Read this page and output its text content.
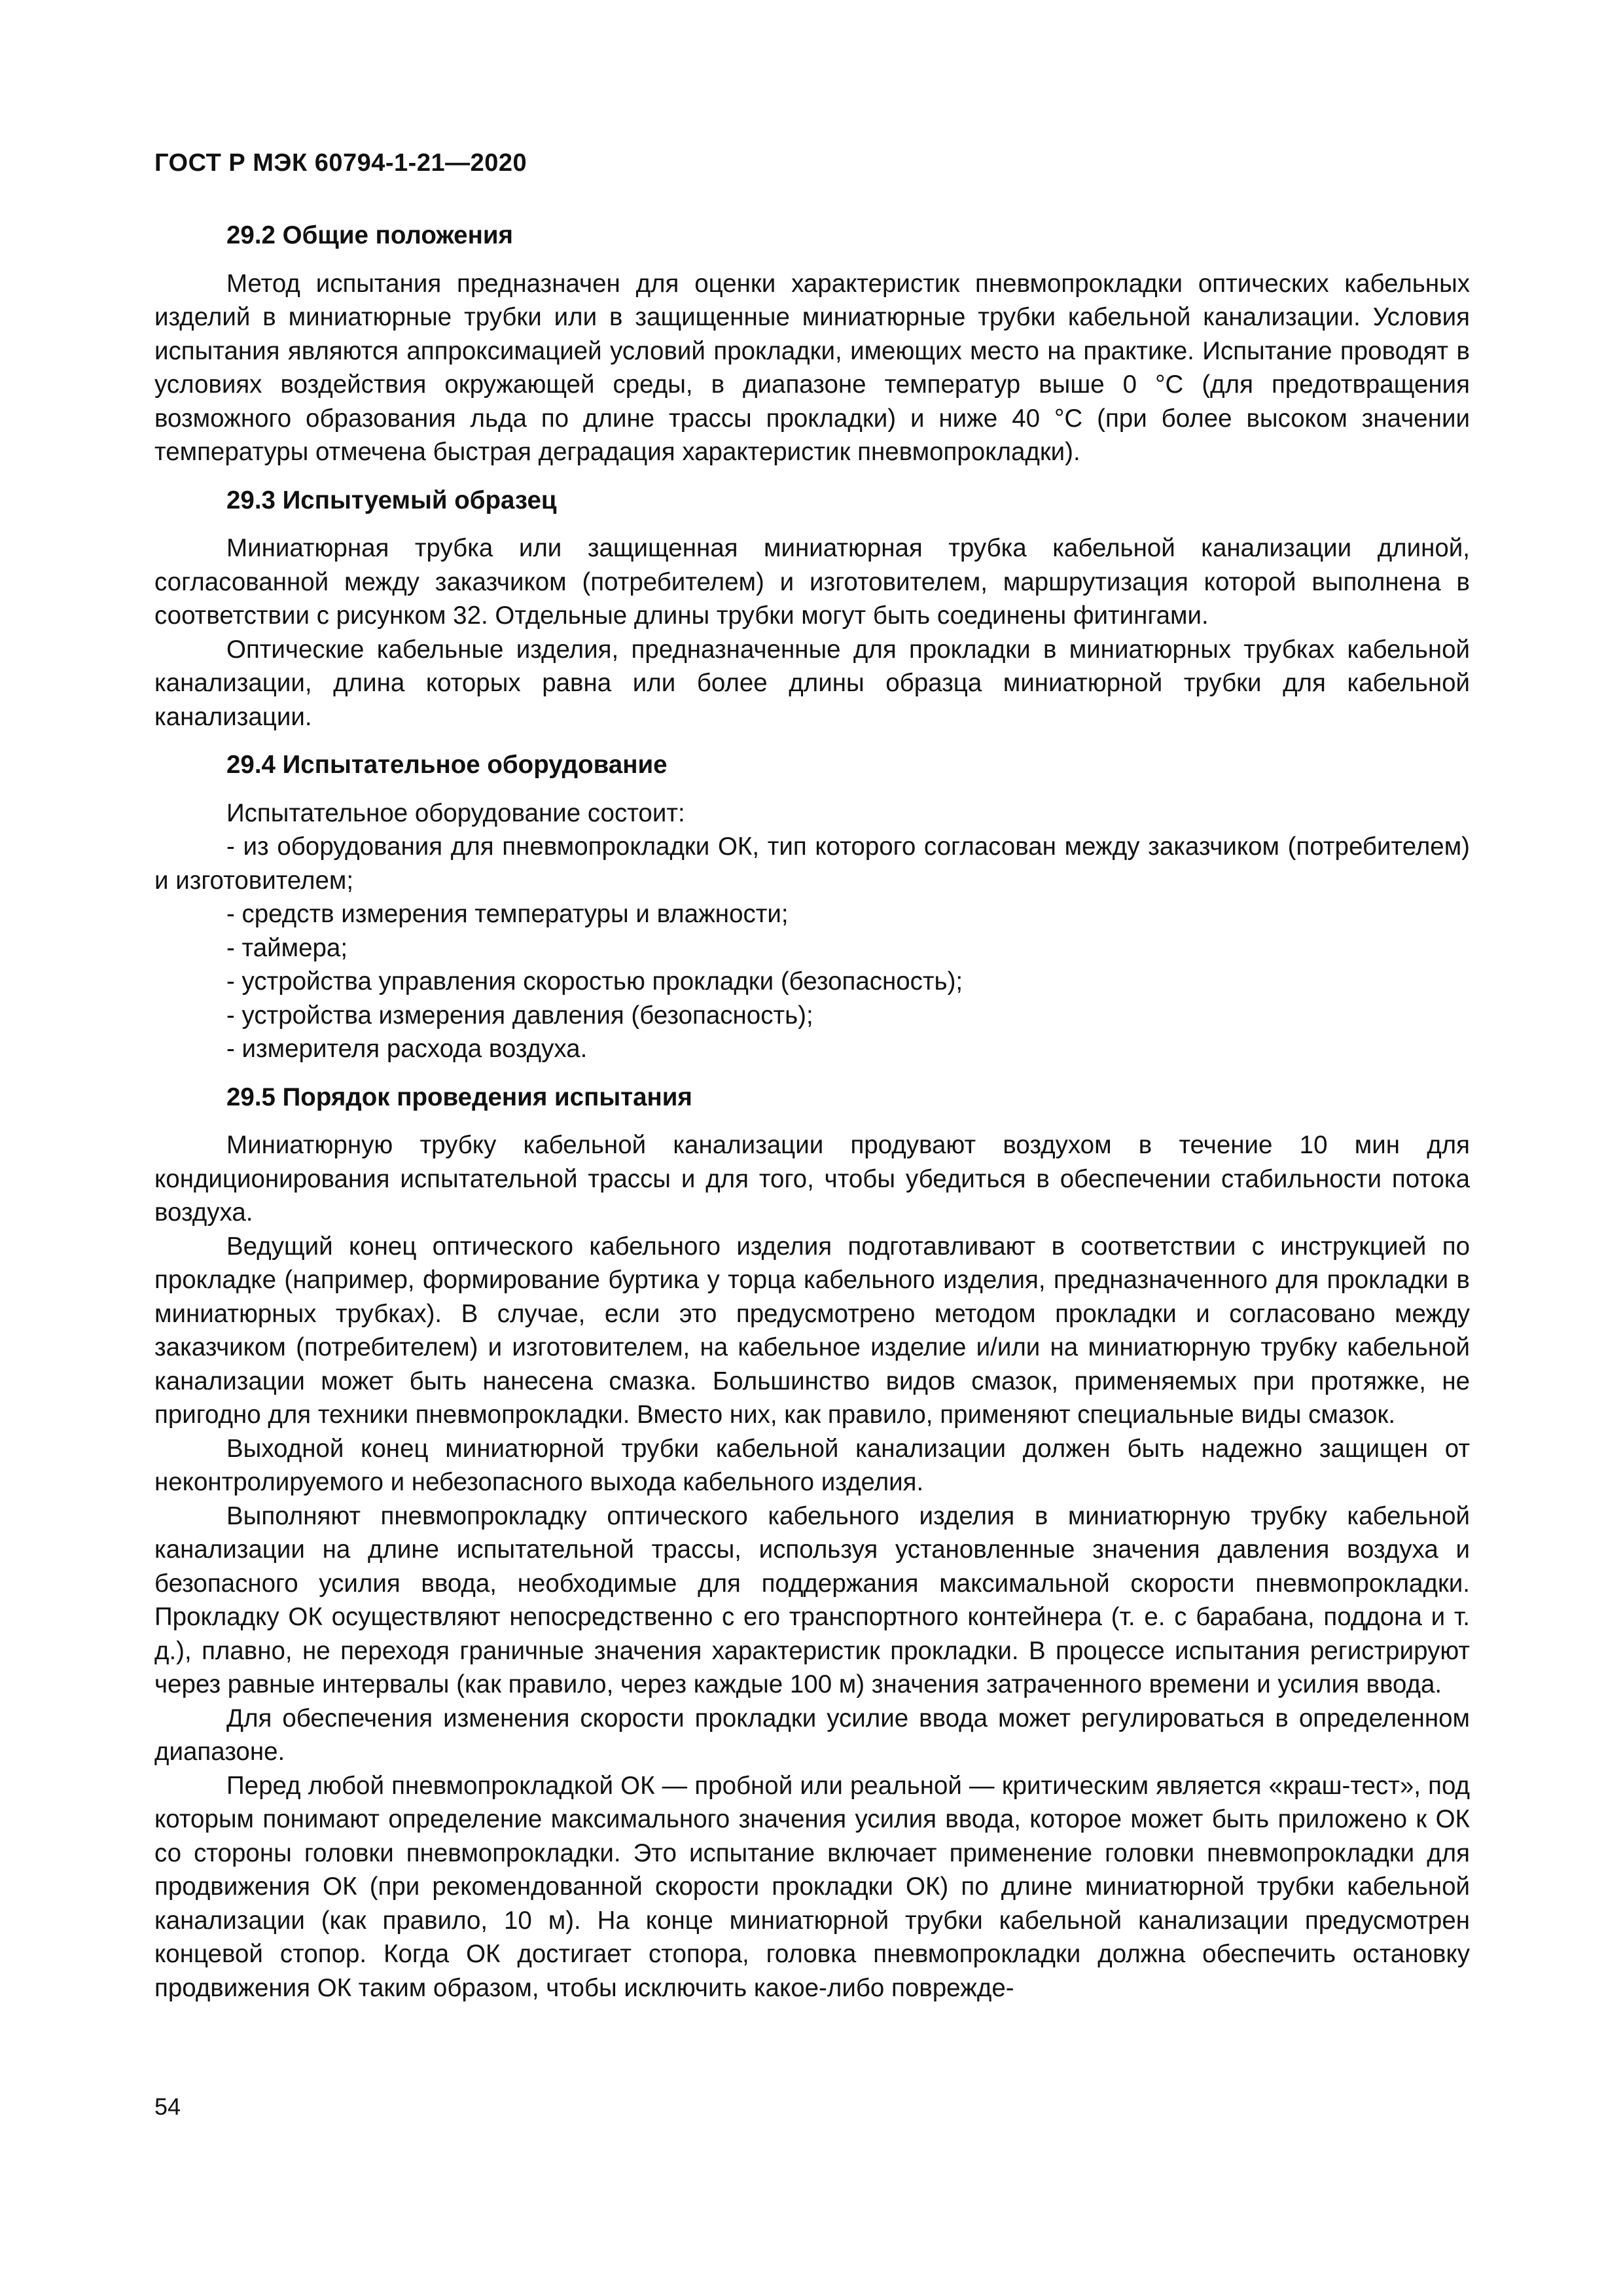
ГОСТ Р МЭК 60794-1-21—2020
29.2 Общие положения

Метод испытания предназначен для оценки характеристик пневмопрокладки оптических кабельных изделий в миниатюрные трубки или в защищенные миниатюрные трубки кабельной канализации. Условия испытания являются аппроксимацией условий прокладки, имеющих место на практике. Испытание проводят в условиях воздействия окружающей среды, в диапазоне температур выше 0 °С (для предотвращения возможного образования льда по длине трассы прокладки) и ниже 40 °С (при более высоком значении температуры отмечена быстрая деградация характеристик пневмопрокладки).

29.3 Испытуемый образец

Миниатюрная трубка или защищенная миниатюрная трубка кабельной канализации длиной, согласованной между заказчиком (потребителем) и изготовителем, маршрутизация которой выполнена в соответствии с рисунком 32. Отдельные длины трубки могут быть соединены фитингами.

Оптические кабельные изделия, предназначенные для прокладки в миниатюрных трубках кабельной канализации, длина которых равна или более длины образца миниатюрной трубки для кабельной канализации.

29.4 Испытательное оборудование

Испытательное оборудование состоит:

- из оборудования для пневмопрокладки ОК, тип которого согласован между заказчиком (потребителем) и изготовителем;
- средств измерения температуры и влажности;
- таймера;
- устройства управления скоростью прокладки (безопасность);
- устройства измерения давления (безопасность);
- измерителя расхода воздуха.
29.5 Порядок проведения испытания

Миниатюрную трубку кабельной канализации продувают воздухом в течение 10 мин для кондиционирования испытательной трассы и для того, чтобы убедиться в обеспечении стабильности потока воздуха.

Ведущий конец оптического кабельного изделия подготавливают в соответствии с инструкцией по прокладке (например, формирование буртика у торца кабельного изделия, предназначенного для прокладки в миниатюрных трубках). В случае, если это предусмотрено методом прокладки и согласовано между заказчиком (потребителем) и изготовителем, на кабельное изделие и/или на миниатюрную трубку кабельной канализации может быть нанесена смазка. Большинство видов смазок, применяемых при протяжке, не пригодно для техники пневмопрокладки. Вместо них, как правило, применяют специальные виды смазок.

Выходной конец миниатюрной трубки кабельной канализации должен быть надежно защищен от неконтролируемого и небезопасного выхода кабельного изделия.

Выполняют пневмопрокладку оптического кабельного изделия в миниатюрную трубку кабельной канализации на длине испытательной трассы, используя установленные значения давления воздуха и безопасного усилия ввода, необходимые для поддержания максимальной скорости пневмопрокладки. Прокладку ОК осуществляют непосредственно с его транспортного контейнера (т. е. с барабана, поддона и т. д.), плавно, не переходя граничные значения характеристик прокладки. В процессе испытания регистрируют через равные интервалы (как правило, через каждые 100 м) значения затраченного времени и усилия ввода.

Для обеспечения изменения скорости прокладки усилие ввода может регулироваться в определенном диапазоне.

Перед любой пневмопрокладкой ОК — пробной или реальной — критическим является «краш-тест», под которым понимают определение максимального значения усилия ввода, которое может быть приложено к ОК со стороны головки пневмопрокладки. Это испытание включает применение головки пневмопрокладки для продвижения ОК (при рекомендованной скорости прокладки ОК) по длине миниатюрной трубки кабельной канализации (как правило, 10 м). На конце миниатюрной трубки кабельной канализации предусмотрен концевой стопор. Когда ОК достигает стопора, головка пневмопрокладки должна обеспечить остановку продвижения ОК таким образом, чтобы исключить какое-либо поврежде-

54
